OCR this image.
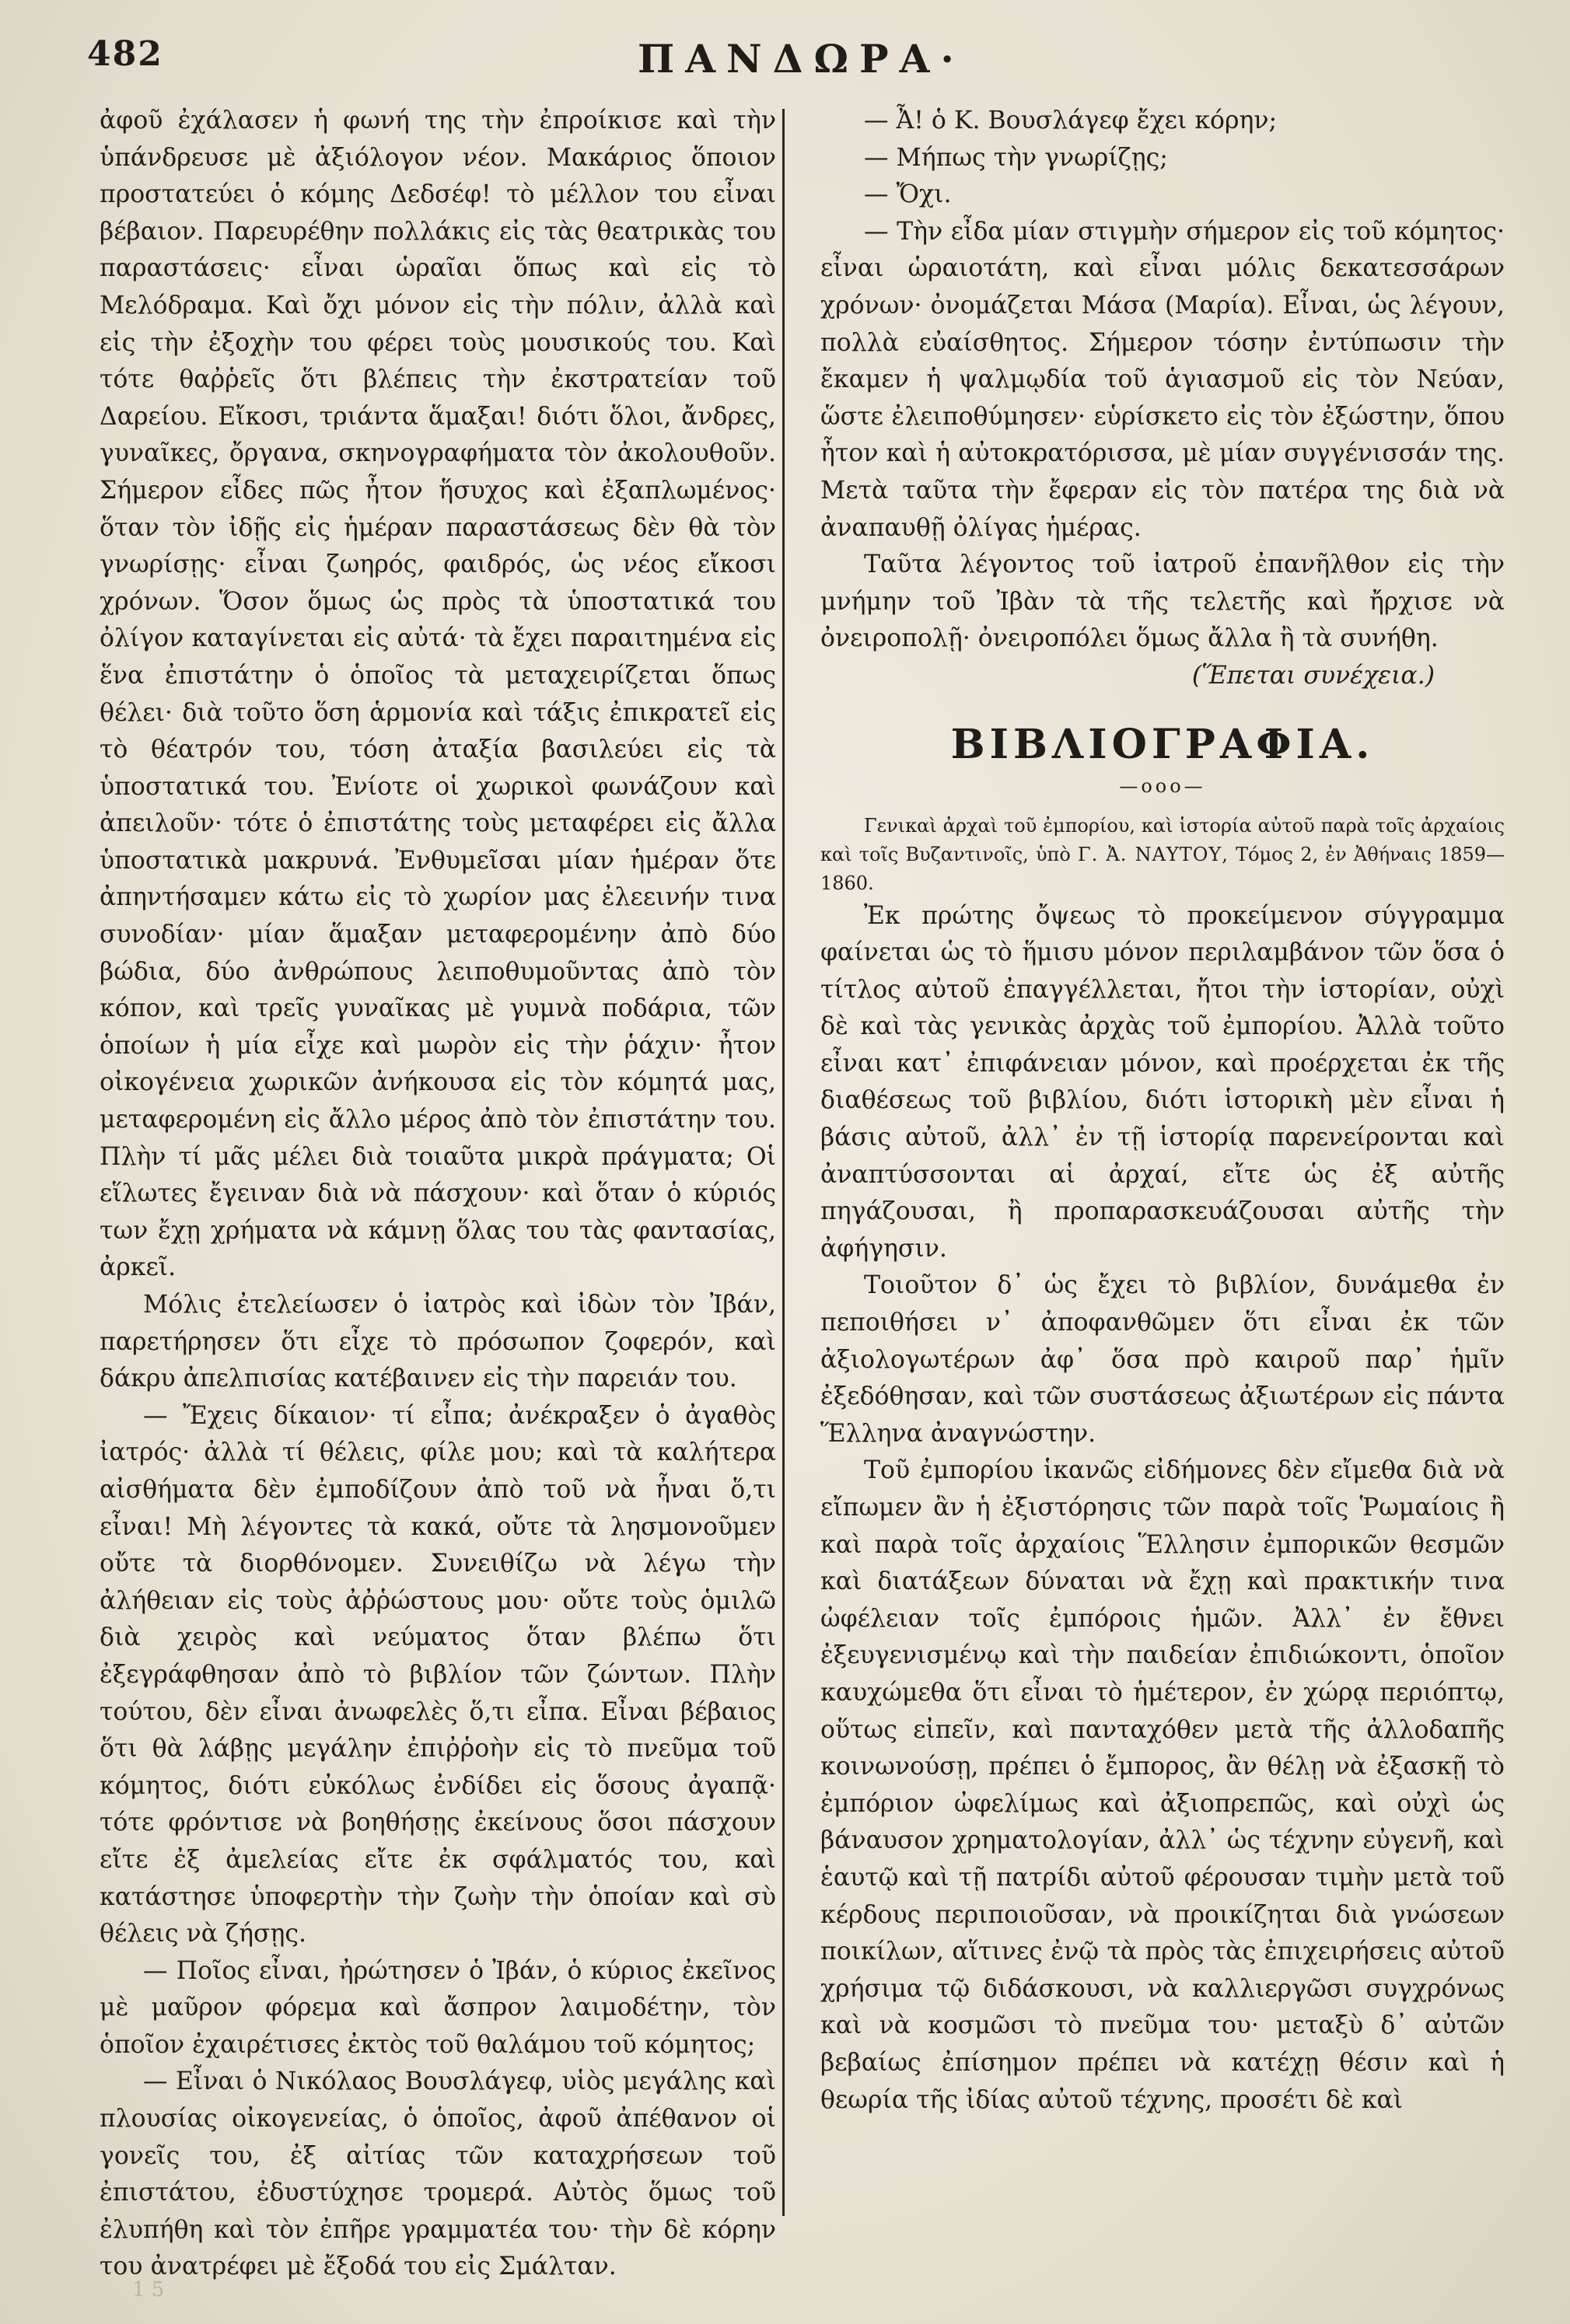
482	ΠΑΝΔΩΡΑ·

ἀφοῦ ἐχάλασεν ἡ φωνή της τὴν ἐπροίκισε καὶ τὴν ὑπάνδρευσε μὲ ἀξιόλογον νέον. Μακάριος ὅποιον προστατεύει ὁ κόμης Δεδσέφ! τὸ μέλλον του εἶναι βέβαιον. Παρευρέθην πολλάκις εἰς τὰς θεατρικὰς του παραστάσεις· εἶναι ὡραῖαι ὅπως καὶ εἰς τὸ Μελόδραμα. Καὶ ὄχι μόνον εἰς τὴν πόλιν, ἀλλὰ καὶ εἰς τὴν ἐξοχὴν του φέρει τοὺς μουσικούς του. Καὶ τότε θαῤῥεῖς ὅτι βλέπεις τὴν ἐκστρατείαν τοῦ Δαρείου. Εἴκοσι, τριάντα ἅμαξαι! διότι ὅλοι, ἄνδρες, γυναῖκες, ὄργανα, σκηνογραφήματα τὸν ἀκολουθοῦν. Σήμερον εἶδες πῶς ἦτον ἥσυχος καὶ ἐξαπλωμένος· ὅταν τὸν ἰδῇς εἰς ἡμέραν παραστάσεως δὲν θὰ τὸν γνωρίσῃς· εἶναι ζωηρός, φαιδρός, ὡς νέος εἴκοσι χρόνων. Ὅσον ὅμως ὡς πρὸς τὰ ὑποστατικά του ὀλίγον καταγίνεται εἰς αὐτά· τὰ ἔχει παραιτημένα εἰς ἕνα ἐπιστάτην ὁ ὁποῖος τὰ μεταχειρίζεται ὅπως θέλει· διὰ τοῦτο ὅση ἁρμονία καὶ τάξις ἐπικρατεῖ εἰς τὸ θέατρόν του, τόση ἀταξία βασιλεύει εἰς τὰ ὑποστατικά του. Ἐνίοτε οἱ χωρικοὶ φωνάζουν καὶ ἀπειλοῦν· τότε ὁ ἐπιστάτης τοὺς μεταφέρει εἰς ἄλλα ὑποστατικὰ μακρυνά. Ἐνθυμεῖσαι μίαν ἡμέραν ὅτε ἀπηντήσαμεν κάτω εἰς τὸ χωρίον μας ἐλεεινήν τινα συνοδίαν· μίαν ἅμαξαν μεταφερομένην ἀπὸ δύο βώδια, δύο ἀνθρώπους λειποθυμοῦντας ἀπὸ τὸν κόπον, καὶ τρεῖς γυναῖκας μὲ γυμνὰ ποδάρια, τῶν ὁποίων ἡ μία εἶχε καὶ μωρὸν εἰς τὴν ῥάχιν· ἦτον οἰκογένεια χωρικῶν ἀνήκουσα εἰς τὸν κόμητά μας, μεταφερομένη εἰς ἄλλο μέρος ἀπὸ τὸν ἐπιστάτην του. Πλὴν τί μᾶς μέλει διὰ τοιαῦτα μικρὰ πράγματα; Οἱ εἵλωτες ἔγειναν διὰ νὰ πάσχουν· καὶ ὅταν ὁ κύριός των ἔχῃ χρήματα νὰ κάμνῃ ὅλας του τὰς φαντασίας, ἀρκεῖ.

Μόλις ἐτελείωσεν ὁ ἰατρὸς καὶ ἰδὼν τὸν Ἰβάν, παρετήρησεν ὅτι εἶχε τὸ πρόσωπον ζοφερόν, καὶ δάκρυ ἀπελπισίας κατέβαινεν εἰς τὴν παρειάν του.

— Ἔχεις δίκαιον· τί εἶπα; ἀνέκραξεν ὁ ἀγαθὸς ἰατρός· ἀλλὰ τί θέλεις, φίλε μου; καὶ τὰ καλήτερα αἰσθήματα δὲν ἐμποδίζουν ἀπὸ τοῦ νὰ ἦναι ὅ,τι εἶναι! Μὴ λέγοντες τὰ κακά, οὔτε τὰ λησμονοῦμεν οὔτε τὰ διορθόνομεν. Συνειθίζω νὰ λέγω τὴν ἀλήθειαν εἰς τοὺς ἀῤῥώστους μου· οὔτε τοὺς ὁμιλῶ διὰ χειρὸς καὶ νεύματος ὅταν βλέπω ὅτι ἐξεγράφθησαν ἀπὸ τὸ βιβλίον τῶν ζώντων. Πλὴν τούτου, δὲν εἶναι ἀνωφελὲς ὅ,τι εἶπα. Εἶναι βέβαιος ὅτι θὰ λάβῃς μεγάλην ἐπιῤῥοὴν εἰς τὸ πνεῦμα τοῦ κόμητος, διότι εὐκόλως ἐνδίδει εἰς ὅσους ἀγαπᾷ· τότε φρόντισε νὰ βοηθήσῃς ἐκείνους ὅσοι πάσχουν εἴτε ἐξ ἀμελείας εἴτε ἐκ σφάλματός του, καὶ κατάστησε ὑποφερτὴν τὴν ζωὴν τὴν ὁποίαν καὶ σὺ θέλεις νὰ ζήσῃς.

— Ποῖος εἶναι, ἠρώτησεν ὁ Ἰβάν, ὁ κύριος ἐκεῖνος μὲ μαῦρον φόρεμα καὶ ἄσπρον λαιμοδέτην, τὸν ὁποῖον ἐχαιρέτισες ἐκτὸς τοῦ θαλάμου τοῦ κόμητος;

— Εἶναι ὁ Νικόλαος Βουσλάγεφ, υἱὸς μεγάλης καὶ πλουσίας οἰκογενείας, ὁ ὁποῖος, ἀφοῦ ἀπέθανον οἱ γονεῖς του, ἐξ αἰτίας τῶν καταχρήσεων τοῦ ἐπιστάτου, ἐδυστύχησε τρομερά. Αὐτὸς ὅμως τοῦ ἐλυπήθη καὶ τὸν ἐπῆρε γραμματέα του· τὴν δὲ κόρην του ἀνατρέφει μὲ ἔξοδά του εἰς Σμάλταν.

— Ἆ! ὁ Κ. Βουσλάγεφ ἔχει κόρην;

— Μήπως τὴν γνωρίζῃς;

— Ὄχι.

— Τὴν εἶδα μίαν στιγμὴν σήμερον εἰς τοῦ κόμητος· εἶναι ὡραιοτάτη, καὶ εἶναι μόλις δεκατεσσάρων χρόνων· ὀνομάζεται Μάσα (Μαρία). Εἶναι, ὡς λέγουν, πολλὰ εὐαίσθητος. Σήμερον τόσην ἐντύπωσιν τὴν ἔκαμεν ἡ ψαλμῳδία τοῦ ἁγιασμοῦ εἰς τὸν Νεύαν, ὥστε ἐλειποθύμησεν· εὑρίσκετο εἰς τὸν ἐξώστην, ὅπου ἦτον καὶ ἡ αὐτοκρατόρισσα, μὲ μίαν συγγένισσάν της. Μετὰ ταῦτα τὴν ἔφεραν εἰς τὸν πατέρα της διὰ νὰ ἀναπαυθῇ ὀλίγας ἡμέρας.

Ταῦτα λέγοντος τοῦ ἰατροῦ ἐπανῆλθον εἰς τὴν μνήμην τοῦ Ἰβὰν τὰ τῆς τελετῆς καὶ ἤρχισε νὰ ὀνειροπολῇ· ὀνειροπόλει ὅμως ἄλλα ἢ τὰ συνήθη.

(Ἕπεται συνέχεια.)

ΒΙΒΛΙΟΓΡΑΦΙΑ.
—οοο—

Γενικαὶ ἀρχαὶ τοῦ ἐμπορίου, καὶ ἱστορία αὐτοῦ παρὰ τοῖς ἀρχαίοις καὶ τοῖς Βυζαντινοῖς, ὑπὸ Γ. Ἀ. ΝΑΥΤΟΥ, Τόμος 2, ἐν Ἀθήναις 1859—1860.

Ἐκ πρώτης ὄψεως τὸ προκείμενον σύγγραμμα φαίνεται ὡς τὸ ἥμισυ μόνον περιλαμβάνον τῶν ὅσα ὁ τίτλος αὐτοῦ ἐπαγγέλλεται, ἤτοι τὴν ἱστορίαν, οὐχὶ δὲ καὶ τὰς γενικὰς ἀρχὰς τοῦ ἐμπορίου. Ἀλλὰ τοῦτο εἶναι κατ᾽ ἐπιφάνειαν μόνον, καὶ προέρχεται ἐκ τῆς διαθέσεως τοῦ βιβλίου, διότι ἱστορικὴ μὲν εἶναι ἡ βάσις αὐτοῦ, ἀλλ᾽ ἐν τῇ ἱστορίᾳ παρενείρονται καὶ ἀναπτύσσονται αἱ ἀρχαί, εἴτε ὡς ἐξ αὐτῆς πηγάζουσαι, ἢ προπαρασκευάζουσαι αὐτῆς τὴν ἀφήγησιν.

Τοιοῦτον δ᾽ ὡς ἔχει τὸ βιβλίον, δυνάμεθα ἐν πεποιθήσει ν᾽ ἀποφανθῶμεν ὅτι εἶναι ἐκ τῶν ἀξιολογωτέρων ἀφ᾽ ὅσα πρὸ καιροῦ παρ᾽ ἡμῖν ἐξεδόθησαν, καὶ τῶν συστάσεως ἀξιωτέρων εἰς πάντα Ἕλληνα ἀναγνώστην.

Τοῦ ἐμπορίου ἱκανῶς εἰδήμονες δὲν εἴμεθα διὰ νὰ εἴπωμεν ἂν ἡ ἐξιστόρησις τῶν παρὰ τοῖς Ῥωμαίοις ἢ καὶ παρὰ τοῖς ἀρχαίοις Ἕλλησιν ἐμπορικῶν θεσμῶν καὶ διατάξεων δύναται νὰ ἔχῃ καὶ πρακτικήν τινα ὠφέλειαν τοῖς ἐμπόροις ἡμῶν. Ἀλλ᾽ ἐν ἔθνει ἐξευγενισμένῳ καὶ τὴν παιδείαν ἐπιδιώκοντι, ὁποῖον καυχώμεθα ὅτι εἶναι τὸ ἡμέτερον, ἐν χώρᾳ περιόπτῳ, οὕτως εἰπεῖν, καὶ πανταχόθεν μετὰ τῆς ἀλλοδαπῆς κοινωνούσῃ, πρέπει ὁ ἔμπορος, ἂν θέλῃ νὰ ἐξασκῇ τὸ ἐμπόριον ὠφελίμως καὶ ἀξιοπρεπῶς, καὶ οὐχὶ ὡς βάναυσον χρηματολογίαν, ἀλλ᾽ ὡς τέχνην εὐγενῆ, καὶ ἑαυτῷ καὶ τῇ πατρίδι αὐτοῦ φέρουσαν τιμὴν μετὰ τοῦ κέρδους περιποιοῦσαν, νὰ προικίζηται διὰ γνώσεων ποικίλων, αἵτινες ἐνῷ τὰ πρὸς τὰς ἐπιχειρήσεις αὐτοῦ χρήσιμα τῷ διδάσκουσι, νὰ καλλιεργῶσι συγχρόνως καὶ νὰ κοσμῶσι τὸ πνεῦμα του· μεταξὺ δ᾽ αὐτῶν βεβαίως ἐπίσημον πρέπει νὰ κατέχῃ θέσιν καὶ ἡ θεωρία τῆς ἰδίας αὐτοῦ τέχνης, προσέτι δὲ καὶ

1 5
